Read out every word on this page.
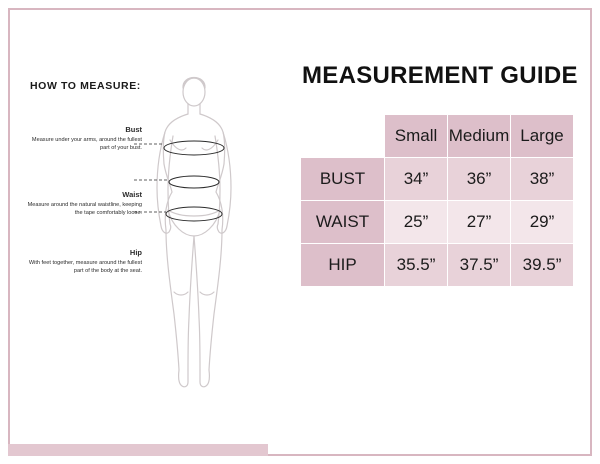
HOW TO MEASURE:
Bust
Measure under your arms, around the fullest part of your bust.
Waist
Measure around the natural waistline, keeping the tape comfortably loose.
Hip
With feet together, measure around the fullest part of the body at the seat.
MEASUREMENT GUIDE
	Small	Medium	Large
BUST	34”	36”	38”
WAIST	25”	27”	29”
HIP	35.5”	37.5”	39.5”
